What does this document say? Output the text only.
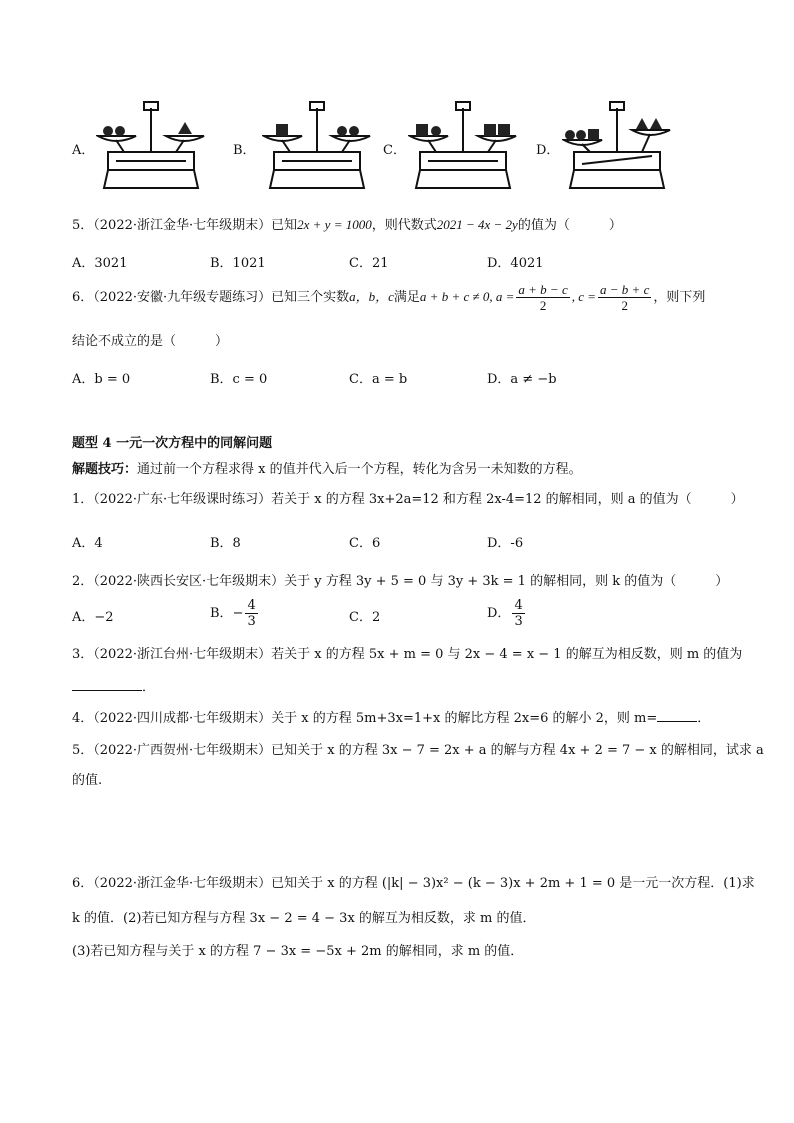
A．	B．	C．	D．
5．（2022·浙江金华·七年级期末）已知2x + y = 1000，则代数式2021 − 4x − 2y的值为（　　　）
A．3021	B．1021	C．21	D．4021
6．（2022·安徽·九年级专题练习）已知三个实数a，b，c满足a + b + c ≠ 0, $a = \frac{a + b - c}{2}$ , $c = \frac{a - b + c}{2}$ ，则下列
结论不成立的是（　　　）
A．b = 0	B．c = 0	C．a = b	D．a ≠ −b
题型 4 一元一次方程中的同解问题
解题技巧：通过前一个方程求得 x 的值并代入后一个方程，转化为含另一未知数的方程。
1．（2022·广东·七年级课时练习）若关于 x 的方程 3x+2a=12 和方程 2x-4=12 的解相同，则 a 的值为（　　　）
A．4	B．8	C．6	D．-6
2．（2022·陕西长安区·七年级期末）关于 y 方程 3y + 5 = 0 与 3y + 3k = 1 的解相同，则 k 的值为（　　　）
A．−2	B．− $\frac{4}{3}$	C．2	D． $\frac{4}{3}$
3．（2022·浙江台州·七年级期末）若关于 x 的方程 5x + m = 0 与 2x − 4 = x − 1 的解互为相反数，则 m 的值为
．
4．（2022·四川成都·七年级期末）关于 x 的方程 5m+3x=1+x 的解比方程 2x=6 的解小 2，则 m=	．
5．（2022·广西贺州·七年级期末）已知关于 x 的方程 3x − 7 = 2x + a 的解与方程 4x + 2 = 7 − x 的解相同，试求 a
的值.
6．（2022·浙江金华·七年级期末）已知关于 x 的方程 (|k| − 3)x² − (k − 3)x + 2m + 1 = 0 是一元一次方程．(1)求
k 的值．(2)若已知方程与方程 3x − 2 = 4 − 3x 的解互为相反数，求 m 的值．
(3)若已知方程与关于 x 的方程 7 − 3x = −5x + 2m 的解相同，求 m 的值．
